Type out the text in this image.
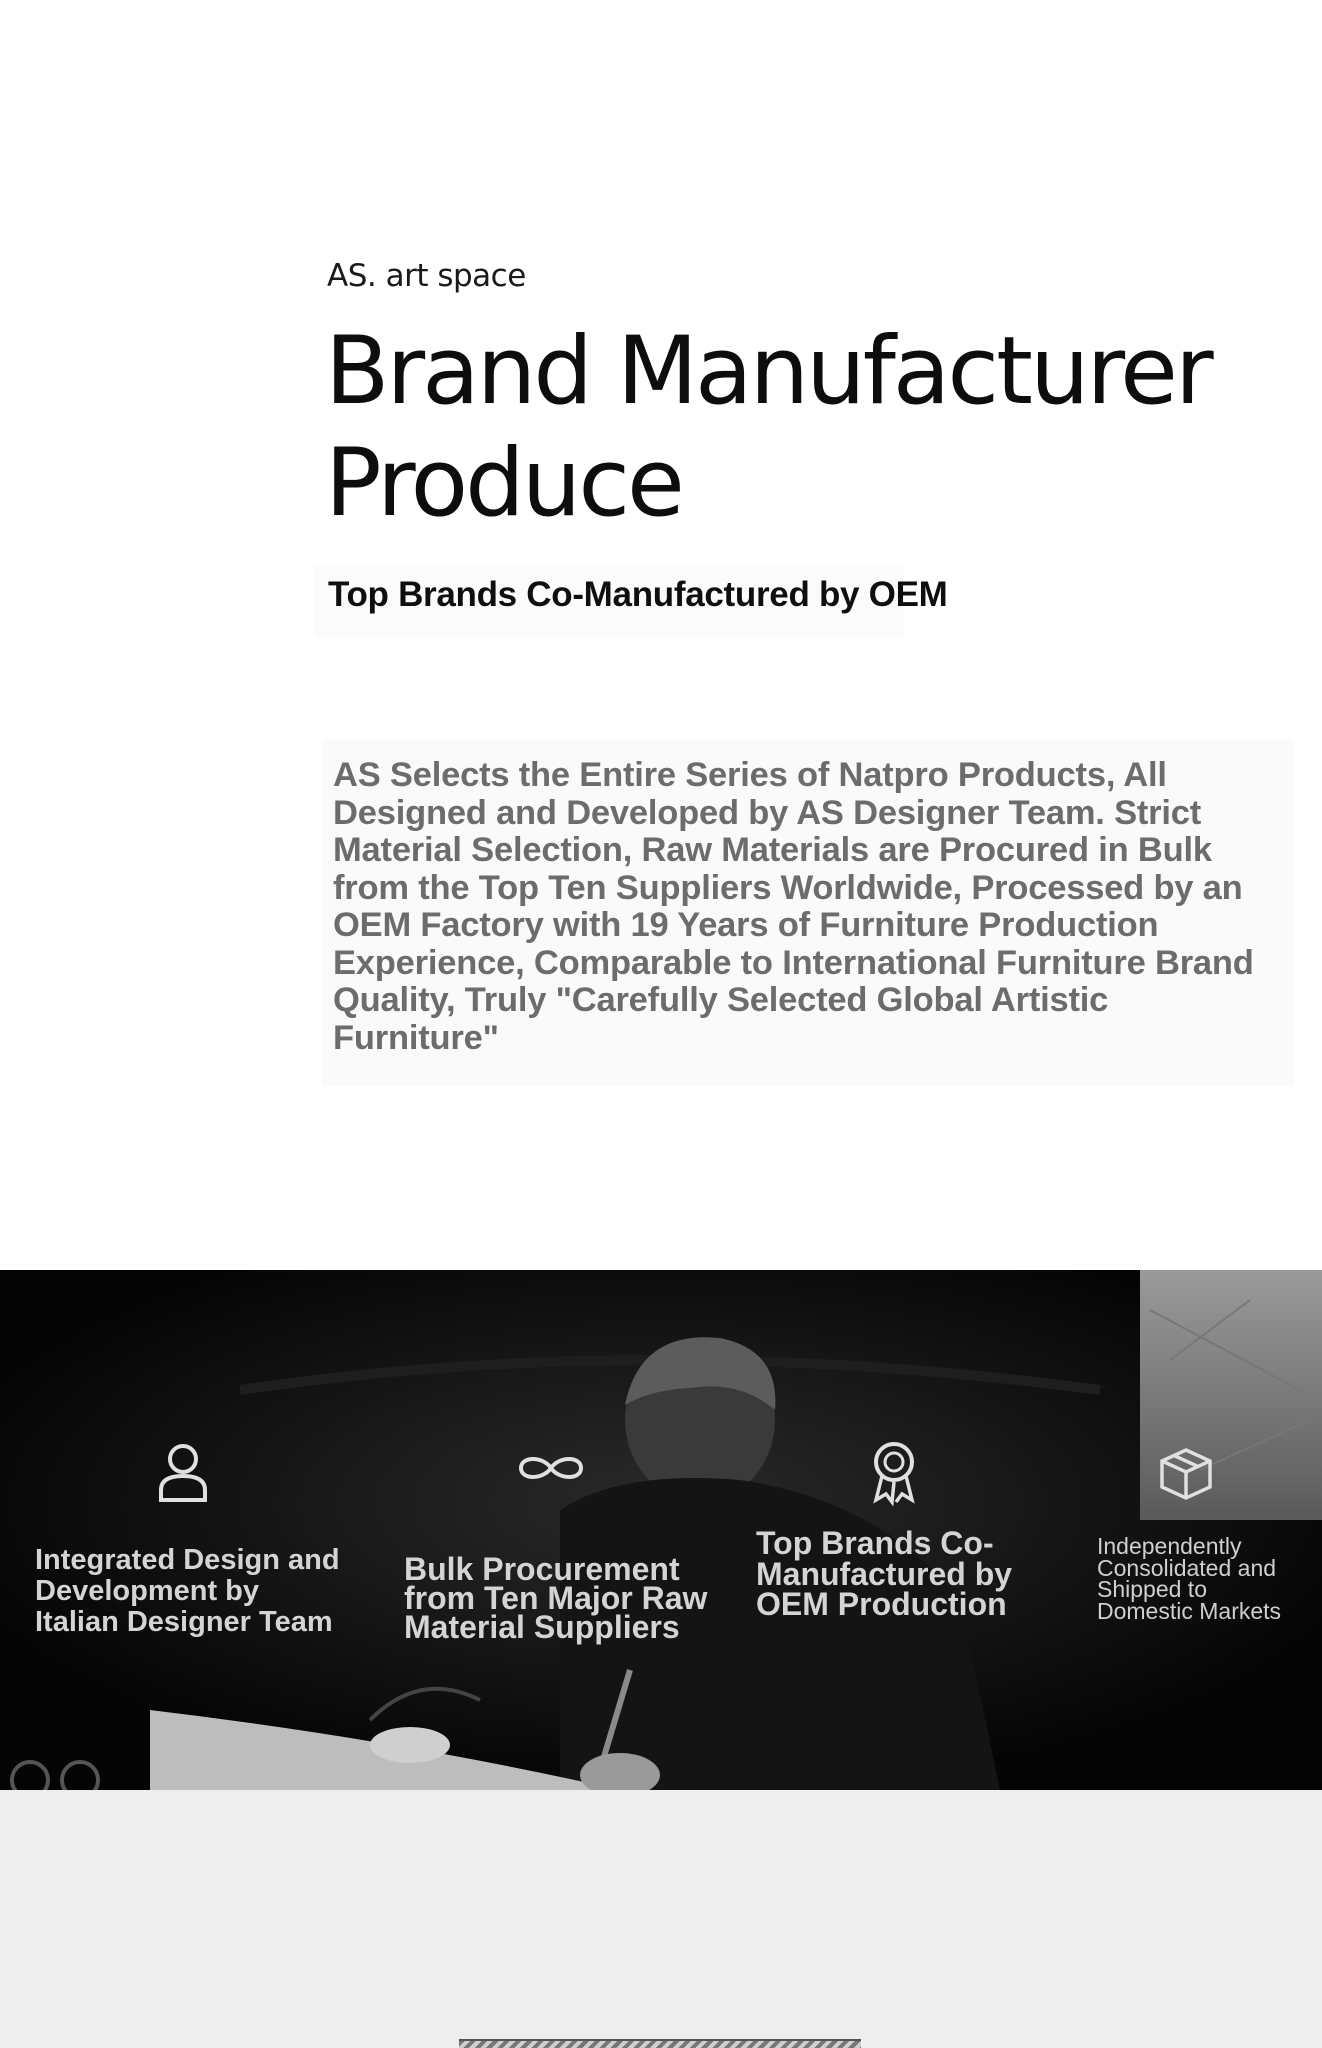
AS. art space
Brand Manufacturer Produce
Top Brands Co-Manufactured by OEM

AS Selects the Entire Series of Natpro Products, All Designed and Developed by AS Designer Team. Strict Material Selection, Raw Materials are Procured in Bulk from the Top Ten Suppliers Worldwide, Processed by an OEM Factory with 19 Years of Furniture Production Experience, Comparable to International Furniture Brand Quality, Truly "Carefully Selected Global Artistic Furniture"

Integrated Design and Development by Italian Designer Team
Bulk Procurement from Ten Major Raw Material Suppliers
Top Brands Co-Manufactured by OEM Production
Independently Consolidated and Shipped to Domestic Markets
